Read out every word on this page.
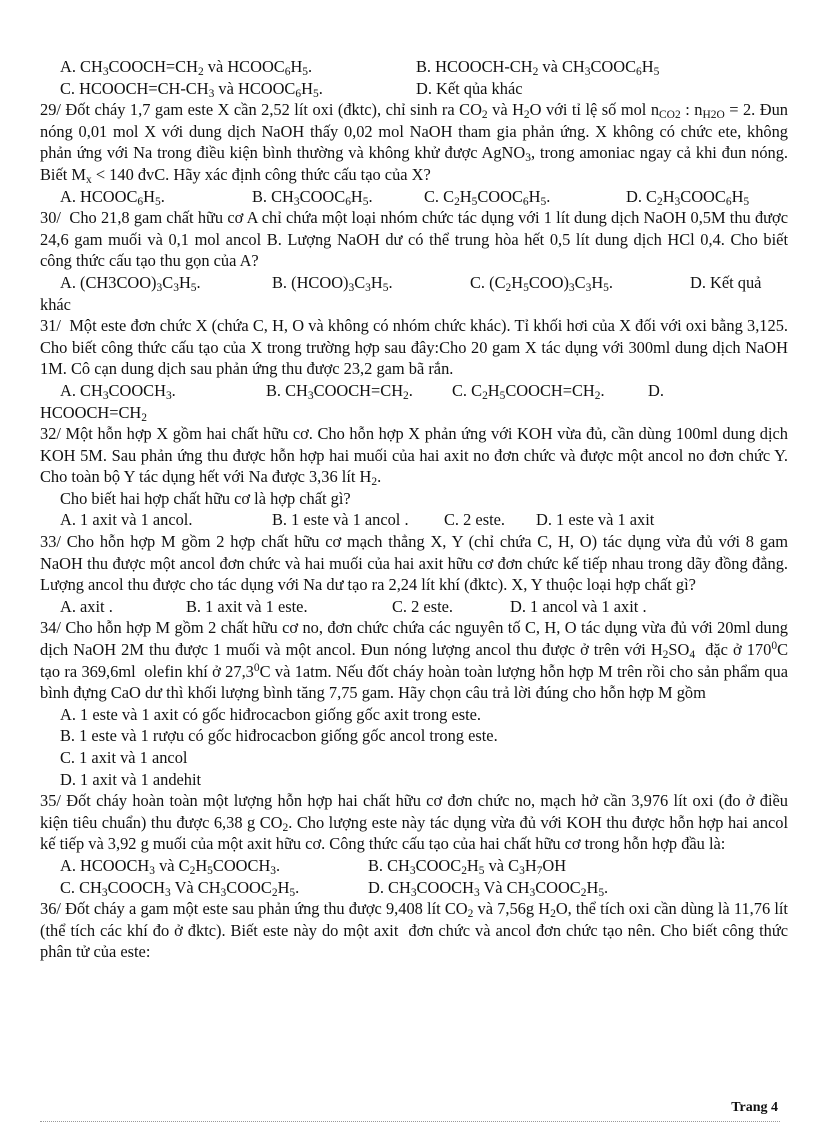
A. $CH_3COOCH=CH_2$ và $HCOOC_6H_5$.	B. HCOOCH-$CH_2$ và $CH_3COOC_6H_5$
C. $HCOOCH=CH-CH_3$ và $HCOOC_6H_5$.	D. Kết qủa khác

29/ Đốt cháy 1,7 gam este X cần 2,52 lít oxi (đktc), chỉ sinh ra $CO_2$ và $H_2O$ với tỉ lệ số mol $n_{CO2}$ : $n_{H2O} = 2$. Đun nóng 0,01 mol X với dung dịch NaOH thấy 0,02 mol NaOH tham gia phản ứng. X không có chức ete, không phản ứng với Na trong điều kiện bình thường và không khử được AgNO$_3$, trong amoniac ngay cả khi đun nóng. Biết $M_x < 140$ đvC. Hãy xác định công thức cấu tạo của X?

A. $HCOOC_6H_5$.	B. $CH_3COOC_6H_5$.	C. $C_2H_5COOC_6H_5$.	D. $C_2H_3COOC_6H_5$

30/  Cho 21,8 gam chất hữu cơ A chỉ chứa một loại nhóm chức tác dụng với 1 lít dung dịch NaOH 0,5M thu được 24,6 gam muối và 0,1 mol ancol B. Lượng NaOH dư có thể trung hòa hết 0,5 lít dung dịch HCl 0,4. Cho biết công thức cấu tạo thu gọn của A?

A. $(CH3COO)_3C_3H_5$.	B. $(HCOO)_3C_3H_5$.	C. $(C_2H_5COO)_3C_3H_5$.	D. Kết quả

khác

31/  Một este đơn chức X (chứa C, H, O và không có nhóm chức khác). Tỉ khối hơi của X đối với oxi bằng 3,125. Cho biết công thức cấu tạo của X trong trường hợp sau đây:Cho 20 gam X tác dụng với 300ml dung dịch NaOH 1M. Cô cạn dung dịch sau phản ứng thu được 23,2 gam bã rắn.

A. $CH_3COOCH_3$.	B. $CH_3COOCH=CH_2$.	C. $C_2H_5COOCH=CH_2$.	D.

$HCOOCH=CH_2$

32/ Một hỗn hợp X gồm hai chất hữu cơ. Cho hỗn hợp X phản ứng với KOH vừa đủ, cần dùng 100ml dung dịch KOH 5M. Sau phản ứng thu được hỗn hợp hai muối của hai axit no đơn chức và được một ancol no đơn chức Y. Cho toàn bộ Y tác dụng hết với Na được 3,36 lít $H_2$.

Cho biết hai hợp chất hữu cơ là hợp chất gì?

A. 1 axit và 1 ancol.	B. 1 este và 1 ancol .	C. 2 este.	D. 1 este và 1 axit

33/ Cho hỗn hợp M gồm 2 hợp chất hữu cơ mạch thẳng X, Y (chỉ chứa C, H, O) tác dụng vừa đủ với 8 gam NaOH thu được một ancol đơn chức và hai muối của hai axit hữu cơ đơn chức kế tiếp nhau trong dãy đồng đẳng. Lượng ancol thu được cho tác dụng với Na dư tạo ra 2,24 lít khí (đktc). X, Y thuộc loại hợp chất gì?

A. axit .	B. 1 axit và 1 este.	C. 2 este.	D. 1 ancol và 1 axit .

34/ Cho hỗn hợp M gồm 2 chất hữu cơ no, đơn chức chứa các nguyên tố C, H, O tác dụng vừa đủ với 20ml dung dịch NaOH 2M thu được 1 muối và một ancol. Đun nóng lượng ancol thu được ở trên với $H_2SO_4$  đặc ở $170^0C$ tạo ra 369,6ml  olefin khí ở 27,3$^0$C và 1atm. Nếu đốt cháy hoàn toàn lượng hỗn hợp M trên rồi cho sản phẩm qua bình đựng CaO dư thì khối lượng bình tăng 7,75 gam. Hãy chọn câu trả lời đúng cho hỗn hợp M gồm

A. 1 este và 1 axit có gốc hiđrocacbon giống gốc axit trong este.

B. 1 este và 1 rượu có gốc hiđrocacbon giống gốc ancol trong este.

C. 1 axit và 1 ancol

D. 1 axit và 1 andehit

35/ Đốt cháy hoàn toàn một lượng hỗn hợp hai chất hữu cơ đơn chức no, mạch hở cần 3,976 lít oxi (đo ở điều kiện tiêu chuẩn) thu được 6,38 g $CO_2$. Cho lượng este này tác dụng vừa đủ với KOH thu được hỗn hợp hai ancol kế tiếp và 3,92 g muối của một axit hữu cơ. Công thức cấu tạo của hai chất hữu cơ trong hỗn hợp đầu là:

A. $HCOOCH_3$ và $C_2H_5COOCH_3$.	B. $CH_3COOC_2H_5$ và $C_3H_7OH$
C. $CH_3COOCH_3$ Và $CH_3COOC_2H_5$.	D. $CH_3COOCH_3$ Và $CH_3COOC_2H_5$.

36/ Đốt cháy a gam một este sau phản ứng thu được 9,408 lít $CO_2$ và 7,56g $H_2O$, thể tích oxi cần dùng là 11,76 lít (thể tích các khí đo ở đktc). Biết este này do một axit  đơn chức và ancol đơn chức tạo nên. Cho biết công thức phân tử của este:

Trang 4
